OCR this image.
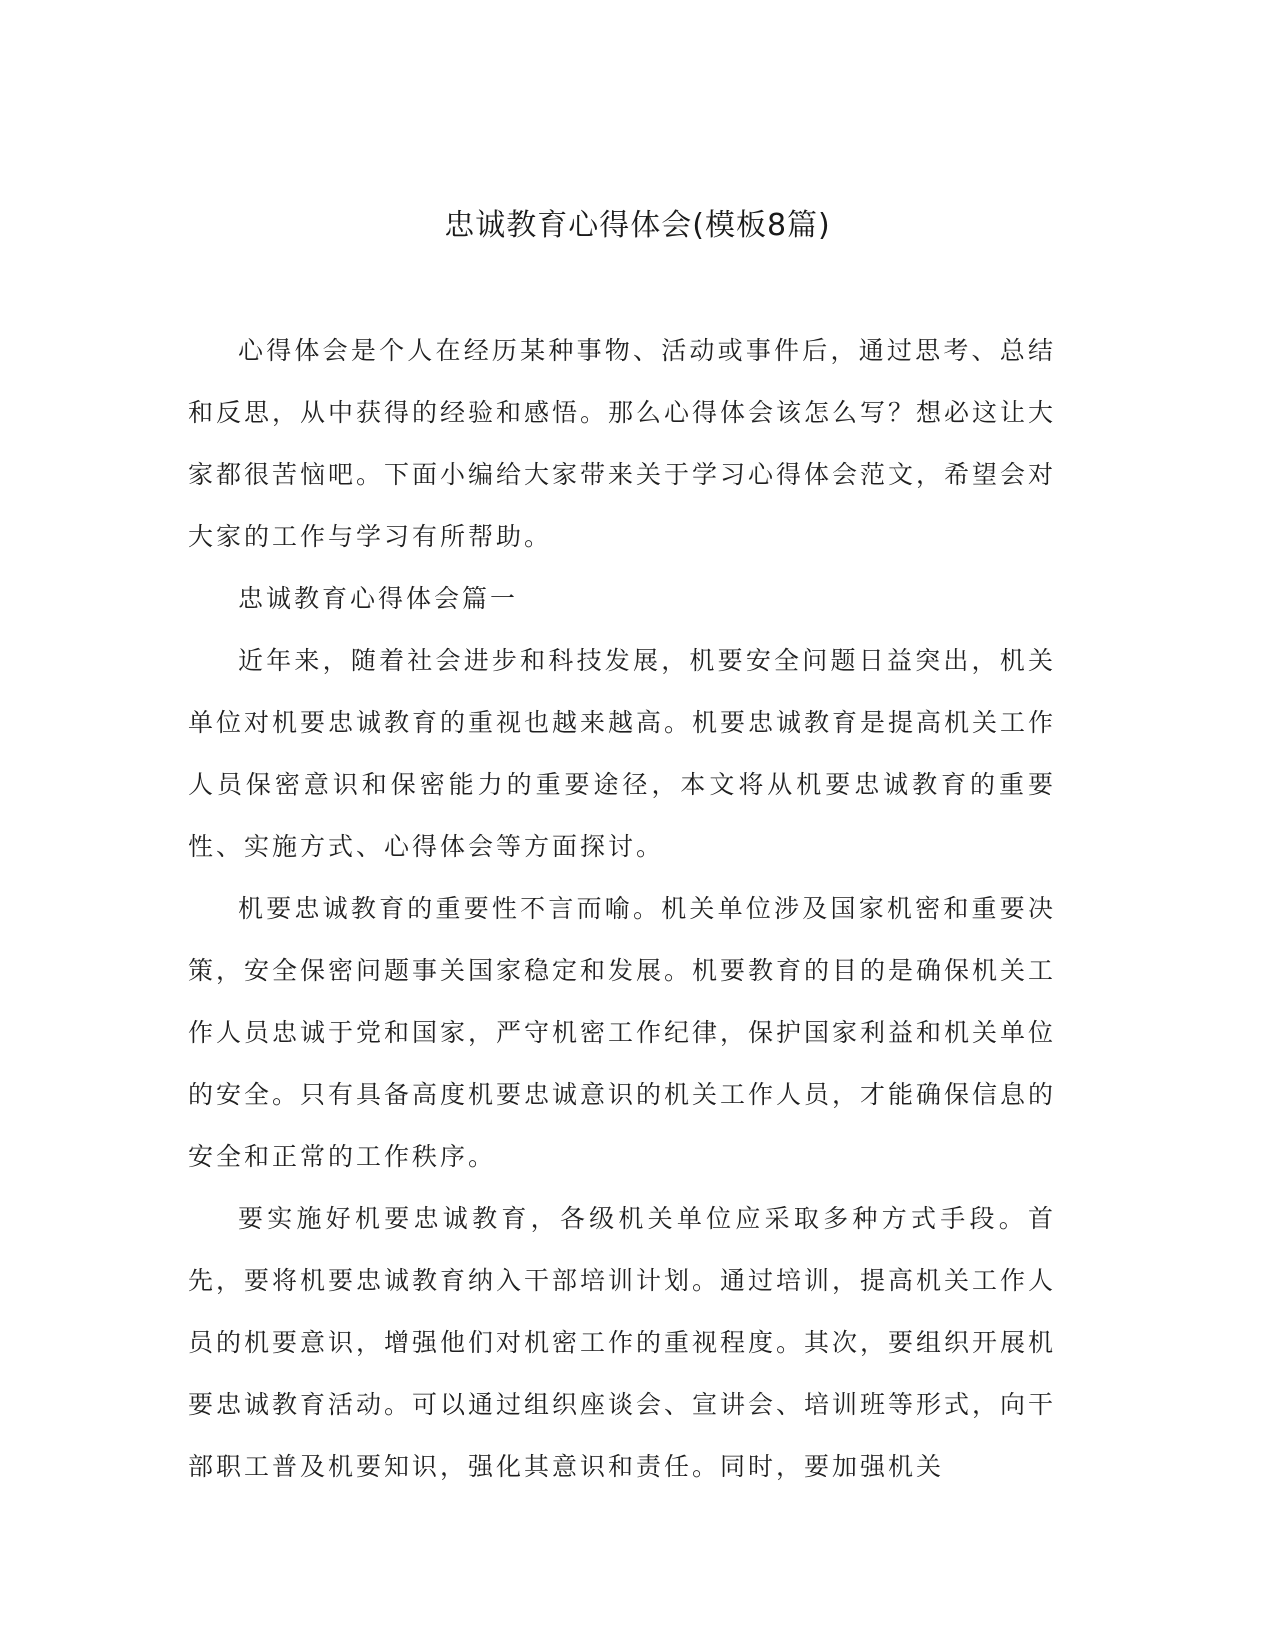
忠诚教育心得体会(模板8篇)

心得体会是个人在经历某种事物、活动或事件后，通过思考、总结和反思，从中获得的经验和感悟。那么心得体会该怎么写？想必这让大家都很苦恼吧。下面小编给大家带来关于学习心得体会范文，希望会对大家的工作与学习有所帮助。

忠诚教育心得体会篇一

近年来，随着社会进步和科技发展，机要安全问题日益突出，机关单位对机要忠诚教育的重视也越来越高。机要忠诚教育是提高机关工作人员保密意识和保密能力的重要途径，本文将从机要忠诚教育的重要性、实施方式、心得体会等方面探讨。

机要忠诚教育的重要性不言而喻。机关单位涉及国家机密和重要决策，安全保密问题事关国家稳定和发展。机要教育的目的是确保机关工作人员忠诚于党和国家，严守机密工作纪律，保护国家利益和机关单位的安全。只有具备高度机要忠诚意识的机关工作人员，才能确保信息的安全和正常的工作秩序。

要实施好机要忠诚教育，各级机关单位应采取多种方式手段。首先，要将机要忠诚教育纳入干部培训计划。通过培训，提高机关工作人员的机要意识，增强他们对机密工作的重视程度。其次，要组织开展机要忠诚教育活动。可以通过组织座谈会、宣讲会、培训班等形式，向干部职工普及机要知识，强化其意识和责任。同时，要加强机关
